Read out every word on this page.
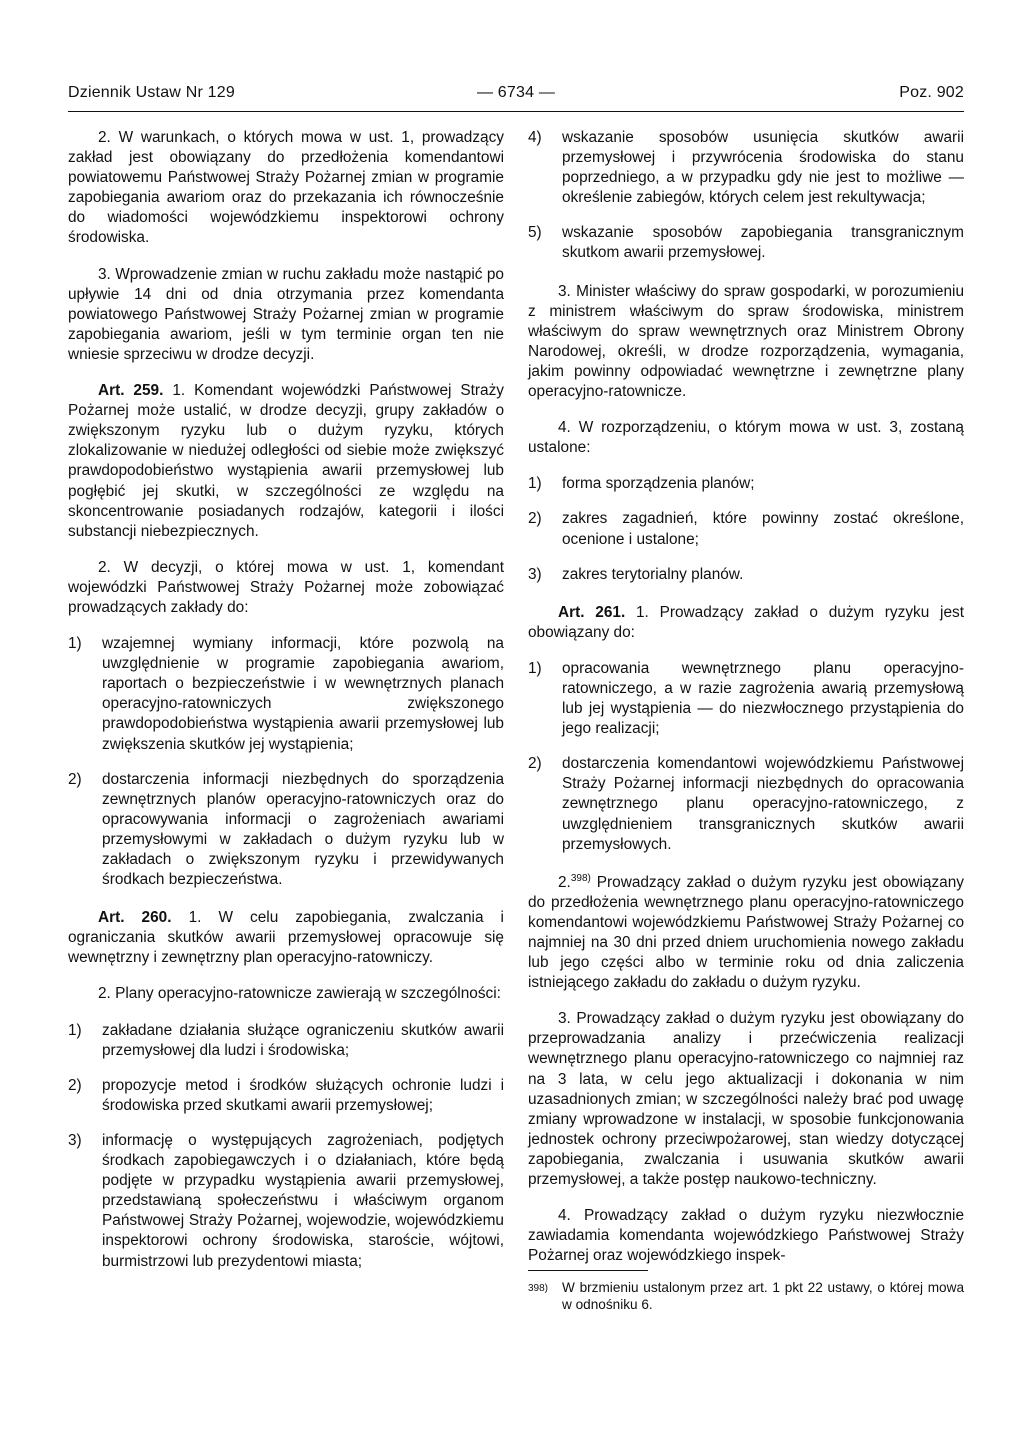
Dziennik Ustaw Nr 129	— 6734 —	Poz. 902

2. W warunkach, o których mowa w ust. 1, prowadzący zakład jest obowiązany do przedłożenia komendantowi powiatowemu Państwowej Straży Pożarnej zmian w programie zapobiegania awariom oraz do przekazania ich równocześnie do wiadomości wojewódzkiemu inspektorowi ochrony środowiska.

3. Wprowadzenie zmian w ruchu zakładu może nastąpić po upływie 14 dni od dnia otrzymania przez komendanta powiatowego Państwowej Straży Pożarnej zmian w programie zapobiegania awariom, jeśli w tym terminie organ ten nie wniesie sprzeciwu w drodze decyzji.

Art. 259. 1. Komendant wojewódzki Państwowej Straży Pożarnej może ustalić, w drodze decyzji, grupy zakładów o zwiększonym ryzyku lub o dużym ryzyku, których zlokalizowanie w niedużej odległości od siebie może zwiększyć prawdopodobieństwo wystąpienia awarii przemysłowej lub pogłębić jej skutki, w szczególności ze względu na skoncentrowanie posiadanych rodzajów, kategorii i ilości substancji niebezpiecznych.

2. W decyzji, o której mowa w ust. 1, komendant wojewódzki Państwowej Straży Pożarnej może zobowiązać prowadzących zakłady do:

1)	wzajemnej wymiany informacji, które pozwolą na uwzględnienie w programie zapobiegania awariom, raportach o bezpieczeństwie i w wewnętrznych planach operacyjno-ratowniczych zwiększonego prawdopodobieństwa wystąpienia awarii przemysłowej lub zwiększenia skutków jej wystąpienia;
2)	dostarczenia informacji niezbędnych do sporządzenia zewnętrznych planów operacyjno-ratowniczych oraz do opracowywania informacji o zagrożeniach awariami przemysłowymi w zakładach o dużym ryzyku lub w zakładach o zwiększonym ryzyku i przewidywanych środkach bezpieczeństwa.

Art. 260. 1. W celu zapobiegania, zwalczania i ograniczania skutków awarii przemysłowej opracowuje się wewnętrzny i zewnętrzny plan operacyjno-ratowniczy.

2. Plany operacyjno-ratownicze zawierają w szczególności:

1)	zakładane działania służące ograniczeniu skutków awarii przemysłowej dla ludzi i środowiska;
2)	propozycje metod i środków służących ochronie ludzi i środowiska przed skutkami awarii przemysłowej;
3)	informację o występujących zagrożeniach, podjętych środkach zapobiegawczych i o działaniach, które będą podjęte w przypadku wystąpienia awarii przemysłowej, przedstawianą społeczeństwu i właściwym organom Państwowej Straży Pożarnej, wojewodzie, wojewódzkiemu inspektorowi ochrony środowiska, staroście, wójtowi, burmistrzowi lub prezydentowi miasta;
4)	wskazanie sposobów usunięcia skutków awarii przemysłowej i przywrócenia środowiska do stanu poprzedniego, a w przypadku gdy nie jest to możliwe — określenie zabiegów, których celem jest rekultywacja;
5)	wskazanie sposobów zapobiegania transgranicznym skutkom awarii przemysłowej.

3. Minister właściwy do spraw gospodarki, w porozumieniu z ministrem właściwym do spraw środowiska, ministrem właściwym do spraw wewnętrznych oraz Ministrem Obrony Narodowej, określi, w drodze rozporządzenia, wymagania, jakim powinny odpowiadać wewnętrzne i zewnętrzne plany operacyjno-ratownicze.

4. W rozporządzeniu, o którym mowa w ust. 3, zostaną ustalone:

1)	forma sporządzenia planów;
2)	zakres zagadnień, które powinny zostać określone, ocenione i ustalone;
3)	zakres terytorialny planów.

Art. 261. 1. Prowadzący zakład o dużym ryzyku jest obowiązany do:

1)	opracowania wewnętrznego planu operacyjno-ratowniczego, a w razie zagrożenia awarią przemysłową lub jej wystąpienia — do niezwłocznego przystąpienia do jego realizacji;
2)	dostarczenia komendantowi wojewódzkiemu Państwowej Straży Pożarnej informacji niezbędnych do opracowania zewnętrznego planu operacyjno-ratowniczego, z uwzględnieniem transgranicznych skutków awarii przemysłowych.

2.$^{398)}$ Prowadzący zakład o dużym ryzyku jest obowiązany do przedłożenia wewnętrznego planu operacyjno-ratowniczego komendantowi wojewódzkiemu Państwowej Straży Pożarnej co najmniej na 30 dni przed dniem uruchomienia nowego zakładu lub jego części albo w terminie roku od dnia zaliczenia istniejącego zakładu do zakładu o dużym ryzyku.

3. Prowadzący zakład o dużym ryzyku jest obowiązany do przeprowadzania analizy i przećwiczenia realizacji wewnętrznego planu operacyjno-ratowniczego co najmniej raz na 3 lata, w celu jego aktualizacji i dokonania w nim uzasadnionych zmian; w szczególności należy brać pod uwagę zmiany wprowadzone w instalacji, w sposobie funkcjonowania jednostek ochrony przeciwpożarowej, stan wiedzy dotyczącej zapobiegania, zwalczania i usuwania skutków awarii przemysłowej, a także postęp naukowo-techniczny.

4. Prowadzący zakład o dużym ryzyku niezwłocznie zawiadamia komendanta wojewódzkiego Państwowej Straży Pożarnej oraz wojewódzkiego inspek-

398)	W brzmieniu ustalonym przez art. 1 pkt 22 ustawy, o której mowa w odnośniku 6.
